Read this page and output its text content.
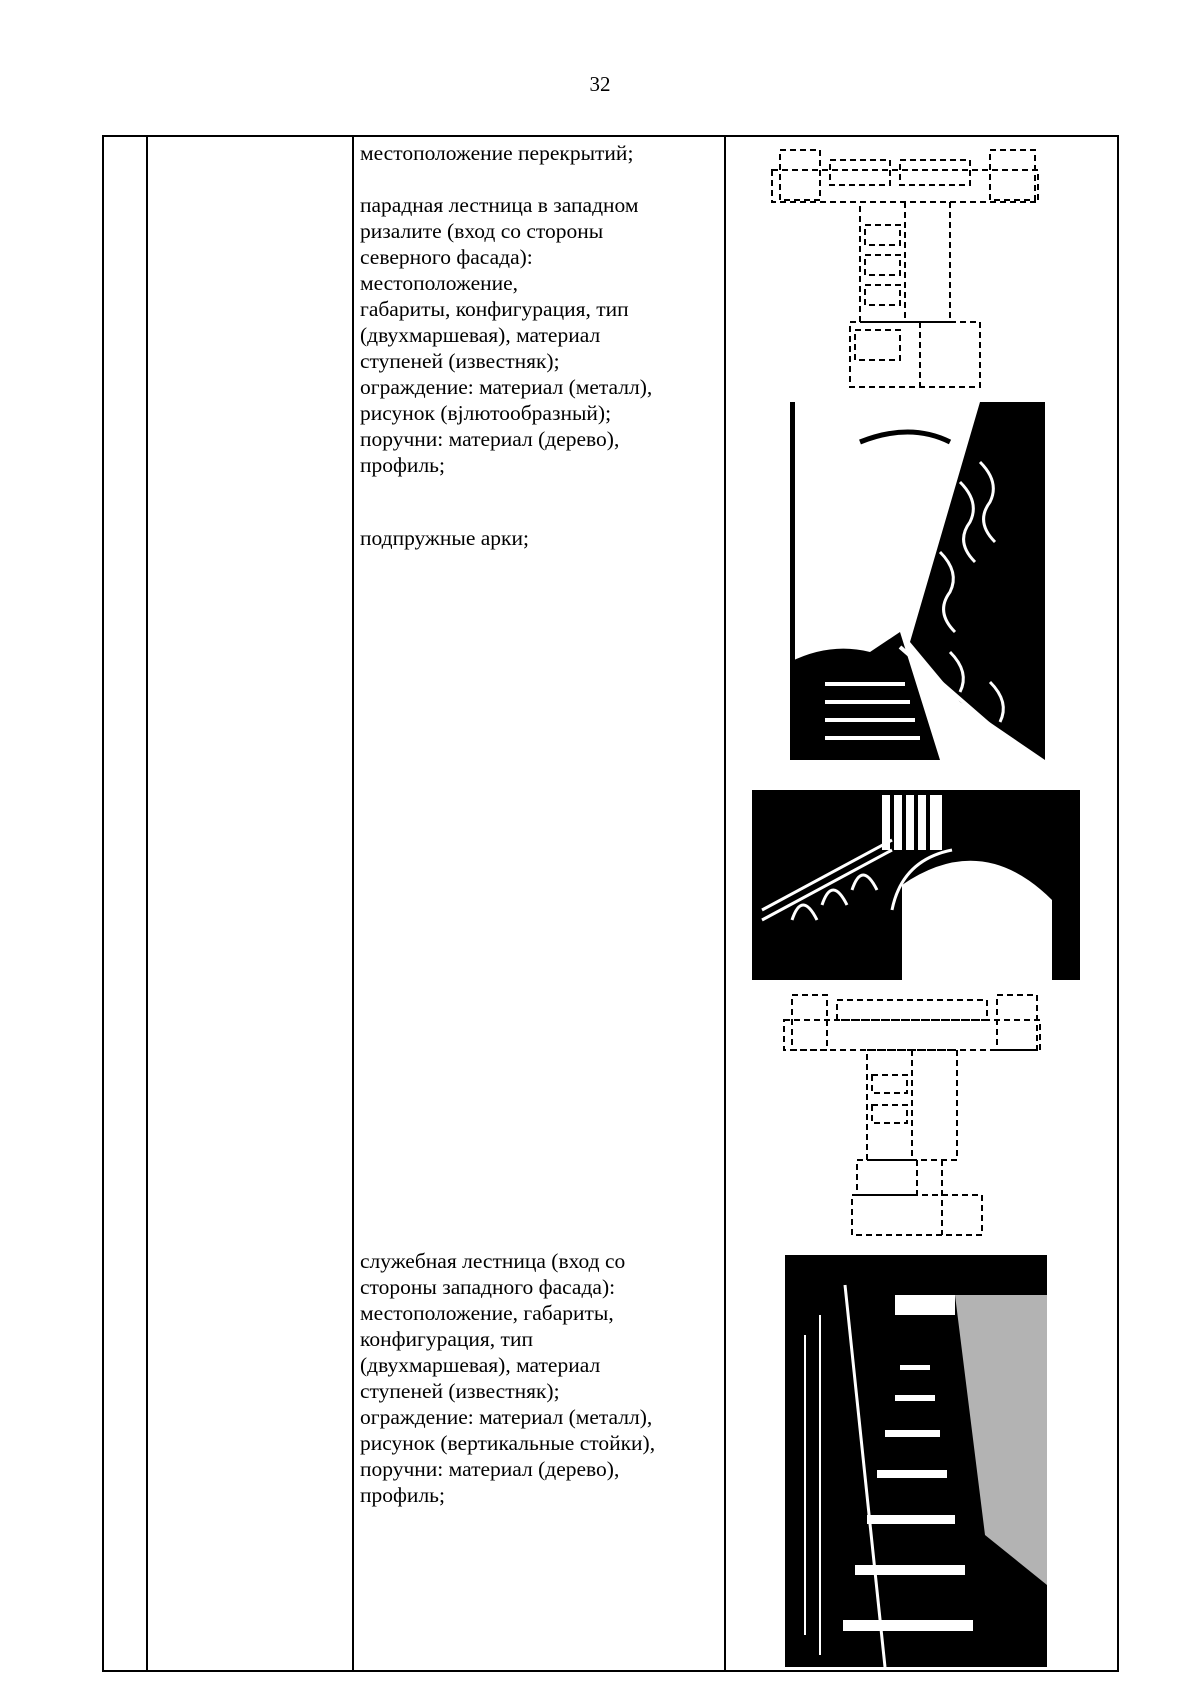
32

местоположение перекрытий;

парадная лестница в западном

ризалите (вход со стороны

северного фасада):

местоположение,

габариты, конфигурация, тип

(двухмаршевая), материал

ступеней (известняк);

ограждение: материал (металл),

рисунок (вjлютообразный);

поручни: материал (дерево),

профиль;

подпружные арки;

служебная лестница (вход со

стороны западного фасада):

местоположение, габариты,

конфигурация, тип

(двухмаршевая), материал

ступеней (известняк);

ограждение: материал (металл),

рисунок (вертикальные стойки),

поручни: материал (дерево),

профиль;
